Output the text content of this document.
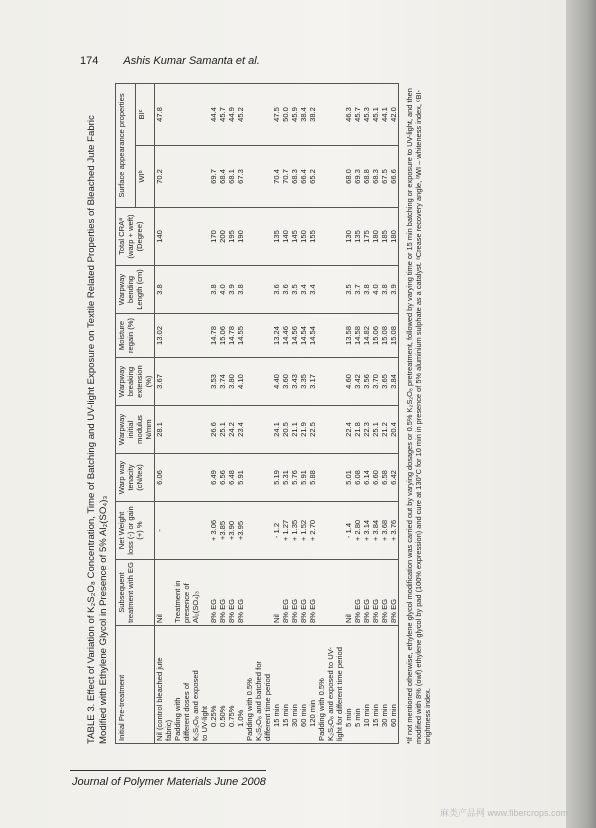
174 Ashis Kumar Samanta et al.

TABLE 3. Effect of Variation of K₂S₂O₈ Concentration, Time of Batching and UV-light Exposure on Textile Related Properties of Bleached Jute Fabric Modified with Ethylene Glycol in Presence of 5% Al₂(SO₄)₃ Initial Pre-treatment	Subsequent treatment with EG	Net Weight loss (-) or gain (+) %	Warp way tenacity (cN/tex)	Warpway initial modulus N/mm	Warpway breaking extension (%)	Moisture regain (%)	Warpway bending Length (cm)	Total CRAᵃ (warp + weft) (Degree)	Surface appearance properties	
									WIᵇ	BIᶜ
Nil (control bleached jute	Nil	-	6.06	28.1	3.67	13.02	3.8	140	70.2	47.8
fabric)										
Padding with	Treatment in									
different doses of	presence of									
K₂S₂O₈ and exposed	Al₂(SO₄)₃									
to UV-light										
0.25%	8% EG	+ 3.06	6.49	26.6	3.53	14.78	3.8	170	69.7	44.4
0.50%	8% EG	+3.85	6.56	25.1	3.74	15.06	4.0	200	68.4	45.7
0.75%	8% EG	+3.90	6.48	24.2	3.80	14.78	3.9	195	68.1	44.9
1.0%	8% EG	+3.95	5.91	23.4	4.10	14.55	3.8	190	67.3	45.2
Padding with 0.5%										
K₂S₂O₈ and batched for										
different time period										
15 min	Nil	- 1.2	5.19	24.1	4.40	13.24	3.6	135	70.4	47.5
15 min	8% EG	+ 1.27	5.31	20.5	3.60	14.46	3.6	140	70.7	50.0
30 min	8% EG	+ 1.35	5.76	21.1	3.43	14.56	3.5	145	68.3	45.9
60 min	8% EG	+ 1.52	5.91	21.9	3.35	14.54	3.4	150	66.4	38.4
120 min	8% EG	+ 2.70	5.88	22.5	3.17	14.54	3.4	155	65.2	38.2
Padding with 0.5%										
K₂S₂O₈ and exposed to UV-										
light for different time period										
5 min	Nil	- 1.4	5.01	22.4	4.60	13.58	3.5	130	68.0	46.3
5 min	8% EG	+ 2.80	6.08	21.8	3.42	14.58	3.7	135	69.3	45.7
10 min	8% EG	+ 3.14	6.14	22.3	3.56	14.82	3.8	175	68.8	45.3
15 min	8% EG	+ 3.84	6.60	25.1	3.70	15.06	4.0	180	68.3	45.1
30 min	8% EG	+ 3.68	6.58	21.2	3.65	15.08	3.8	185	67.5	44.1
60 min	8% EG	+ 3.76	6.42	20.4	3.84	15.08	3.9	180	66.6	42.0 *If not mentioned otherwise, ethylene glycol modification was carried out by varying dosages or 0.5% K₂S₂O₈ pretreatment, followed by varying time or 15 min batching or exposure to UV-light, and then modified with 8% (owf) ethylene glycol by pad (100% expression) and cure at 130°C for 10 min in presence of 5% aluminium sulphate as a catalyst. ᵃCrease recovery angle, ᵇWI – whiteness index, ᶜBI-brightness index.

Journal of Polymer Materials June 2008
麻类产品网 www.fibercrops.com
